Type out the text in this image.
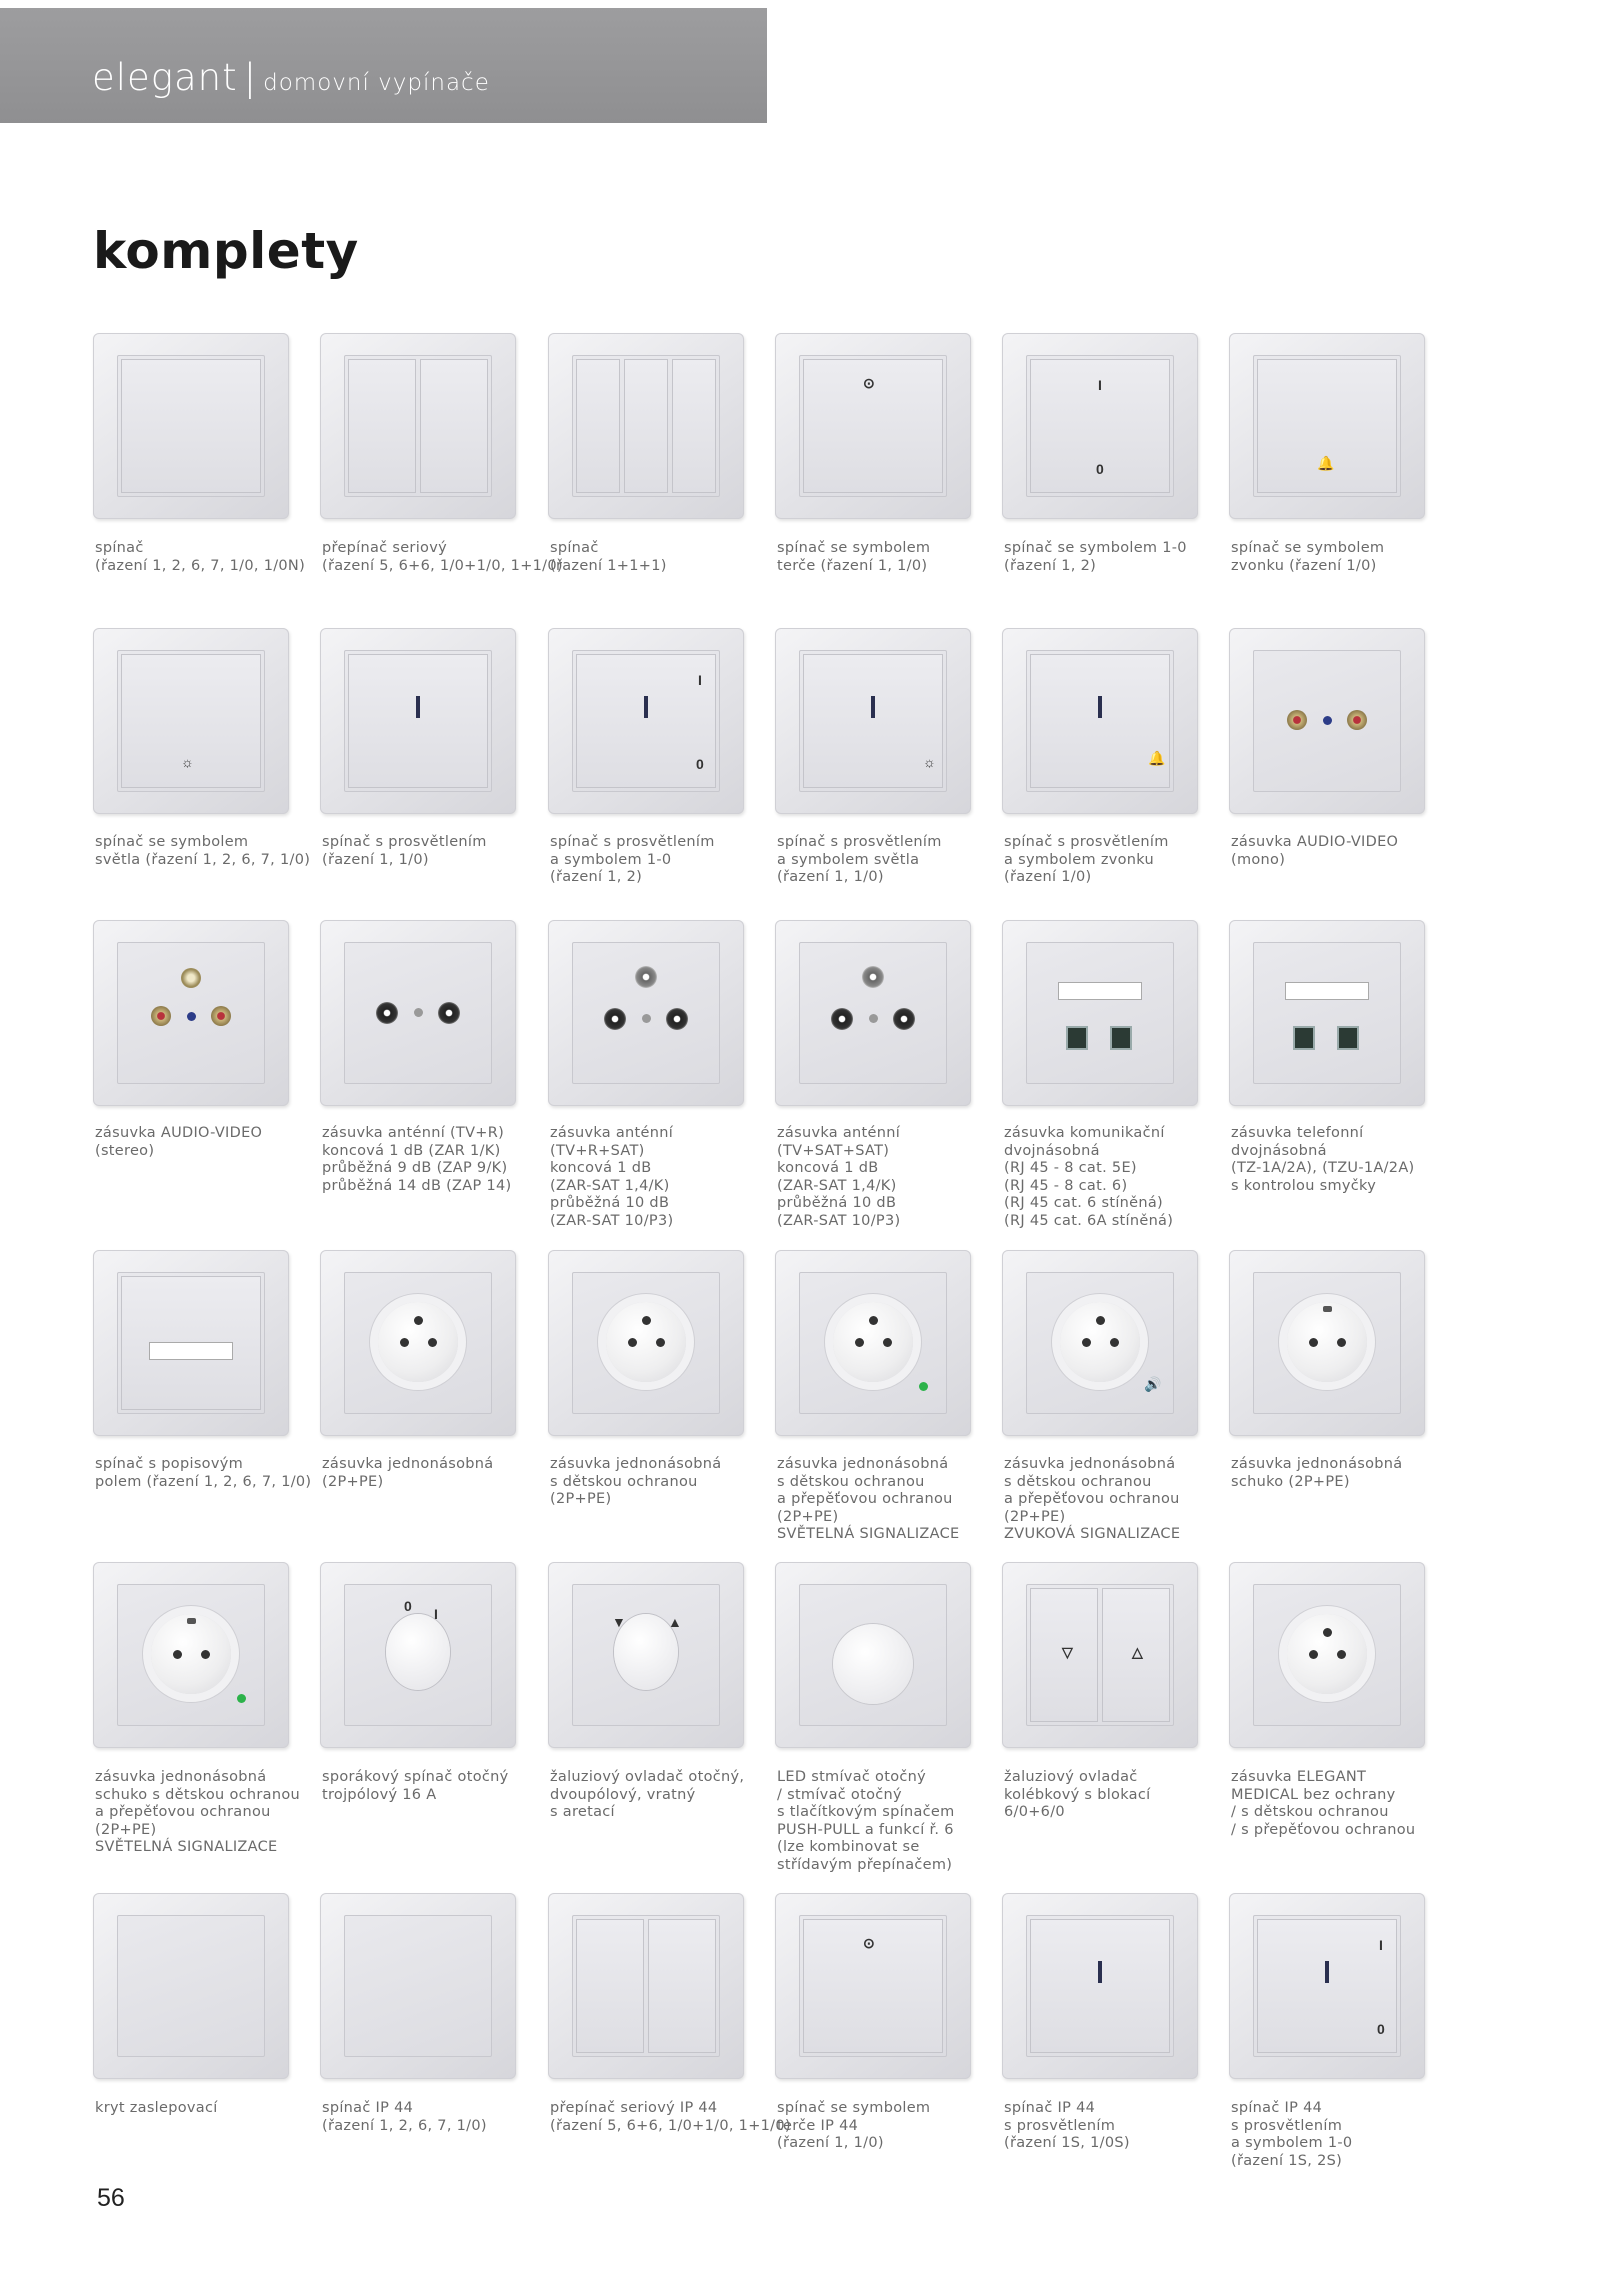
elegant | domovní vypínače
komplety
spínač
(řazení 1, 2, 6, 7, 1/0, 1/0N)
přepínač seriový
(řazení 5, 6+6, 1/0+1/0, 1+1/0)
spínač
(řazení 1+1+1)
⊙
spínač se symbolem
terče (řazení 1, 1/0)
I
0
spínač se symbolem 1-0
(řazení 1, 2)
🔔
spínač se symbolem
zvonku (řazení 1/0)
☼
spínač se symbolem
světla (řazení 1, 2, 6, 7, 1/0)
spínač s prosvětlením
(řazení 1, 1/0)
I
0
spínač s prosvětlením
a symbolem 1-0
(řazení 1, 2)
☼
spínač s prosvětlením
a symbolem světla
(řazení 1, 1/0)
🔔
spínač s prosvětlením
a symbolem zvonku
(řazení 1/0)
zásuvka AUDIO-VIDEO
(mono)
zásuvka AUDIO-VIDEO
(stereo)
zásuvka anténní (TV+R)
koncová 1 dB (ZAR 1/K)
průběžná 9 dB (ZAP 9/K)
průběžná 14 dB (ZAP 14)
zásuvka anténní
(TV+R+SAT)
koncová 1 dB
(ZAR-SAT 1,4/K)
průběžná 10 dB
(ZAR-SAT 10/P3)
zásuvka anténní
(TV+SAT+SAT)
koncová 1 dB
(ZAR-SAT 1,4/K)
průběžná 10 dB
(ZAR-SAT 10/P3)
zásuvka komunikační
dvojnásobná
(RJ 45 - 8 cat. 5E)
(RJ 45 - 8 cat. 6)
(RJ 45 cat. 6 stíněná)
(RJ 45 cat. 6A stíněná)
zásuvka telefonní
dvojnásobná
(TZ-1A/2A), (TZU-1A/2A)
s kontrolou smyčky
spínač s popisovým
polem (řazení 1, 2, 6, 7, 1/0)
zásuvka jednonásobná
(2P+PE)
zásuvka jednonásobná
s dětskou ochranou
(2P+PE)
zásuvka jednonásobná
s dětskou ochranou
a přepěťovou ochranou
(2P+PE)
SVĚTELNÁ SIGNALIZACE
🔊
zásuvka jednonásobná
s dětskou ochranou
a přepěťovou ochranou
(2P+PE)
ZVUKOVÁ SIGNALIZACE
zásuvka jednonásobná
schuko (2P+PE)
zásuvka jednonásobná
schuko s dětskou ochranou
a přepěťovou ochranou
(2P+PE)
SVĚTELNÁ SIGNALIZACE
0 I
sporákový spínač otočný
trojpólový 16 A
▼	▲
žaluziový ovladač otočný,
dvoupólový, vratný
s aretací
LED stmívač otočný
/ stmívač otočný
s tlačítkovým spínačem
PUSH-PULL a funkcí ř. 6
(lze kombinovat se
střídavým přepínačem)
▽	△
žaluziový ovladač
kolébkový s blokací
6/0+6/0
zásuvka ELEGANT
MEDICAL bez ochrany
/ s dětskou ochranou
/ s přepěťovou ochranou
kryt zaslepovací	spínač IP 44
(řazení 1, 2, 6, 7, 1/0)
přepínač seriový IP 44
(řazení 5, 6+6, 1/0+1/0, 1+1/0)
⊙
spínač se symbolem
terče IP 44
(řazení 1, 1/0)
spínač IP 44
s prosvětlením
(řazení 1S, 1/0S)
I
0
spínač IP 44
s prosvětlením
a symbolem 1-0
(řazení 1S, 2S)
56
